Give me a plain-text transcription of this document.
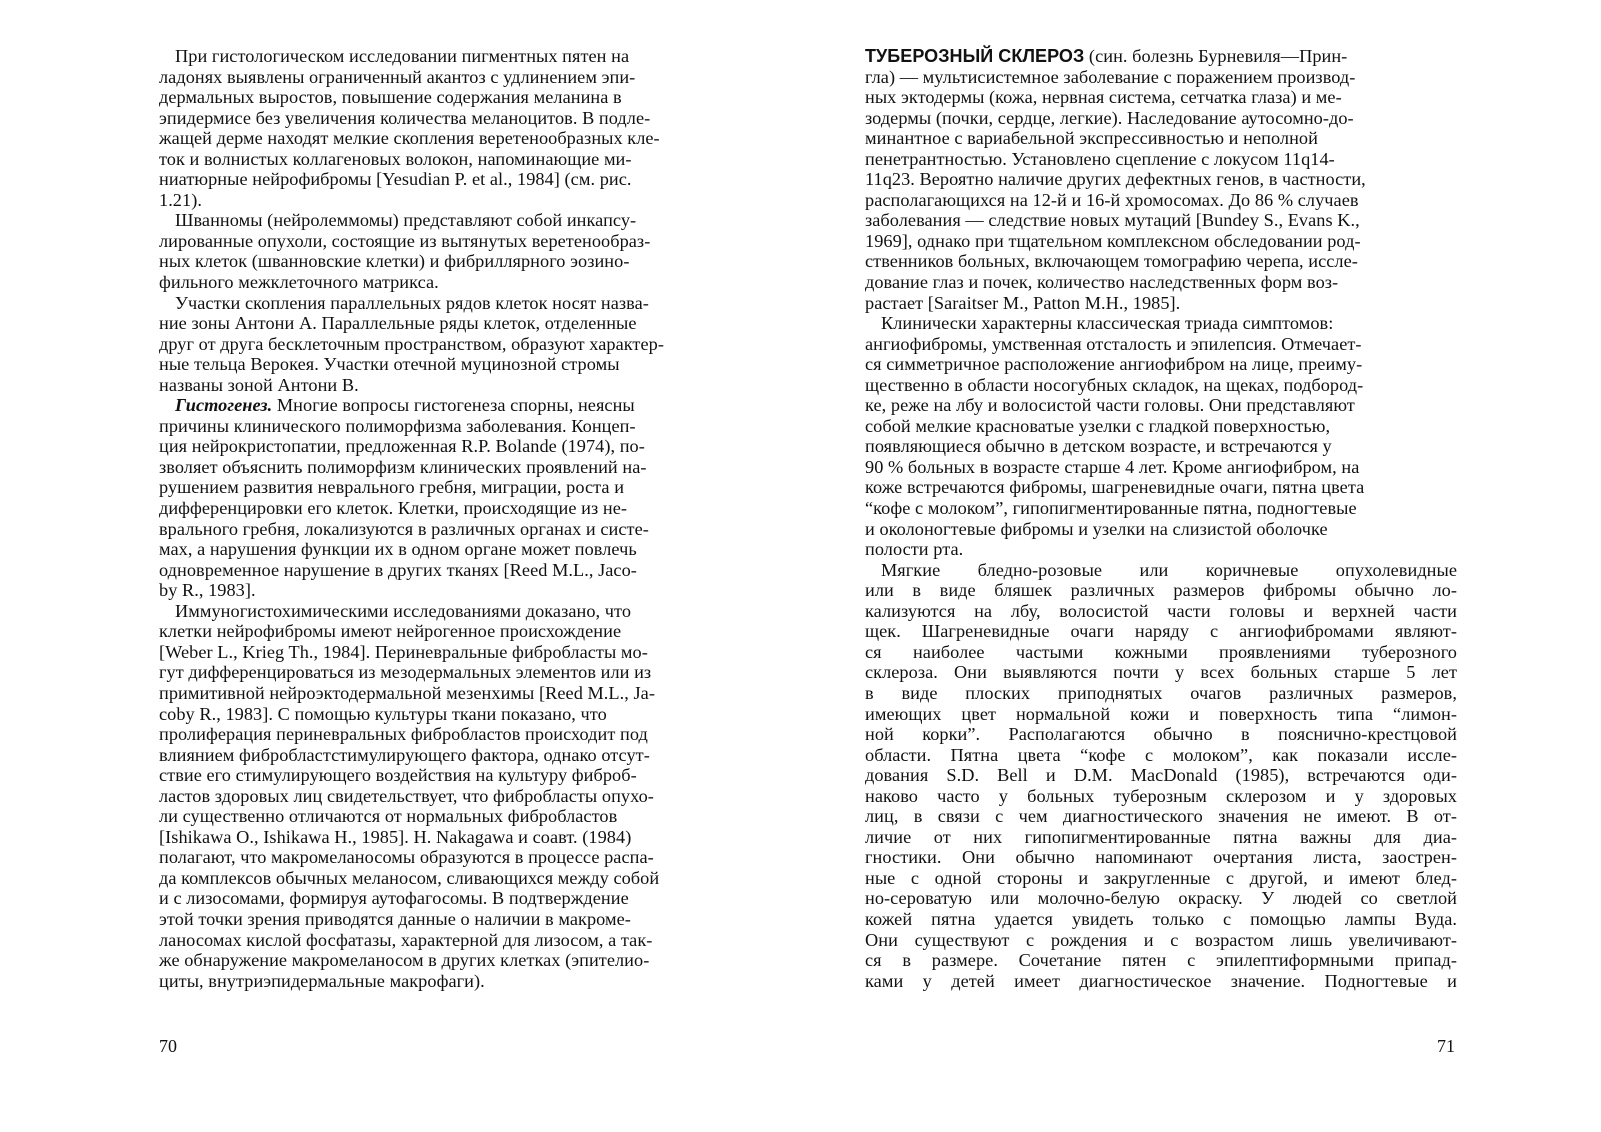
При гистологическом исследовании пигментных пятен на
ладонях выявлены ограниченный акантоз с удлинением эпи-
дермальных выростов, повышение содержания меланина в
эпидермисе без увеличения количества меланоцитов. В подле-
жащей дерме находят мелкие скопления веретенообразных кле-
ток и волнистых коллагеновых волокон, напоминающие ми-
ниатюрные нейрофибромы [Yesudian P. et al., 1984] (см. рис.
1.21).

Шванномы (нейролеммомы) представляют собой инкапсу-
лированные опухоли, состоящие из вытянутых веретенообраз-
ных клеток (шванновские клетки) и фибриллярного эозино-
фильного межклеточного матрикса.

Участки скопления параллельных рядов клеток носят назва-
ние зоны Антони А. Параллельные ряды клеток, отделенные
друг от друга бесклеточным пространством, образуют характер-
ные тельца Верокея. Участки отечной муцинозной стромы
названы зоной Антони В.

Гистогенез. Многие вопросы гистогенеза спорны, неясны
причины клинического полиморфизма заболевания. Концеп-
ция нейрокристопатии, предложенная R.P. Bolande (1974), по-
зволяет объяснить полиморфизм клинических проявлений на-
рушением развития неврального гребня, миграции, роста и
дифференцировки его клеток. Клетки, происходящие из не-
врального гребня, локализуются в различных органах и систе-
мах, а нарушения функции их в одном органе может повлечь
одновременное нарушение в других тканях [Reed M.L., Jaco-
by R., 1983].

Иммуногистохимическими исследованиями доказано, что
клетки нейрофибромы имеют нейрогенное происхождение
[Weber L., Krieg Th., 1984]. Периневральные фибробласты мо-
гут дифференцироваться из мезодермальных элементов или из
примитивной нейроэктодермальной мезенхимы [Reed M.L., Ja-
coby R., 1983]. С помощью культуры ткани показано, что
пролиферация периневральных фибробластов происходит под
влиянием фибробластстимулирующего фактора, однако отсут-
ствие его стимулирующего воздействия на культуру фиброб-
ластов здоровых лиц свидетельствует, что фибробласты опухо-
ли существенно отличаются от нормальных фибробластов
[Ishikawa O., Ishikawa H., 1985]. H. Nakagawa и соавт. (1984)
полагают, что макромеланосомы образуются в процессе распа-
да комплексов обычных меланосом, сливающихся между собой
и с лизосомами, формируя аутофагосомы. В подтверждение
этой точки зрения приводятся данные о наличии в макроме-
ланосомах кислой фосфатазы, характерной для лизосом, а так-
же обнаружение макромеланосом в других клетках (эпителио-
циты, внутриэпидермальные макрофаги).

70

ТУБЕРОЗНЫЙ СКЛЕРОЗ (син. болезнь Бурневиля—Прин-
гла) — мультисистемное заболевание с поражением производ-
ных эктодермы (кожа, нервная система, сетчатка глаза) и ме-
зодермы (почки, сердце, легкие). Наследование аутосомно-до-
минантное с вариабельной экспрессивностью и неполной
пенетрантностью. Установлено сцепление с локусом 11q14-
11q23. Вероятно наличие других дефектных генов, в частности,
располагающихся на 12-й и 16-й хромосомах. До 86 % случаев
заболевания — следствие новых мутаций [Bundey S., Evans K.,
1969], однако при тщательном комплексном обследовании род-
ственников больных, включающем томографию черепа, иссле-
дование глаз и почек, количество наследственных форм воз-
растает [Saraitser M., Patton M.H., 1985].

Клинически характерны классическая триада симптомов:
ангиофибромы, умственная отсталость и эпилепсия. Отмечает-
ся симметричное расположение ангиофибром на лице, преиму-
щественно в области носогубных складок, на щеках, подбород-
ке, реже на лбу и волосистой части головы. Они представляют
собой мелкие красноватые узелки с гладкой поверхностью,
появляющиеся обычно в детском возрасте, и встречаются у
90 % больных в возрасте старше 4 лет. Кроме ангиофибром, на
коже встречаются фибромы, шагреневидные очаги, пятна цвета
“кофе с молоком”, гипопигментированные пятна, подногтевые
и околоногтевые фибромы и узелки на слизистой оболочке
полости рта.

Мягкие бледно-розовые или коричневые опухолевидные
или в виде бляшек различных размеров фибромы обычно ло-
кализуются на лбу, волосистой части головы и верхней части
щек. Шагреневидные очаги наряду с ангиофибромами являют-
ся наиболее частыми кожными проявлениями туберозного
склероза. Они выявляются почти у всех больных старше 5 лет
в виде плоских приподнятых очагов различных размеров,
имеющих цвет нормальной кожи и поверхность типа “лимон-
ной корки”. Располагаются обычно в пояснично-крестцовой
области. Пятна цвета “кофе с молоком”, как показали иссле-
дования S.D. Bell и D.M. MacDonald (1985), встречаются оди-
наково часто у больных туберозным склерозом и у здоровых
лиц, в связи с чем диагностического значения не имеют. В от-
личие от них гипопигментированные пятна важны для диа-
гностики. Они обычно напоминают очертания листа, заострен-
ные с одной стороны и закругленные с другой, и имеют блед-
но-сероватую или молочно-белую окраску. У людей со светлой
кожей пятна удается увидеть только с помощью лампы Вуда.
Они существуют с рождения и с возрастом лишь увеличивают-
ся в размере. Сочетание пятен с эпилептиформными припад-
ками у детей имеет диагностическое значение. Подногтевые и

71
